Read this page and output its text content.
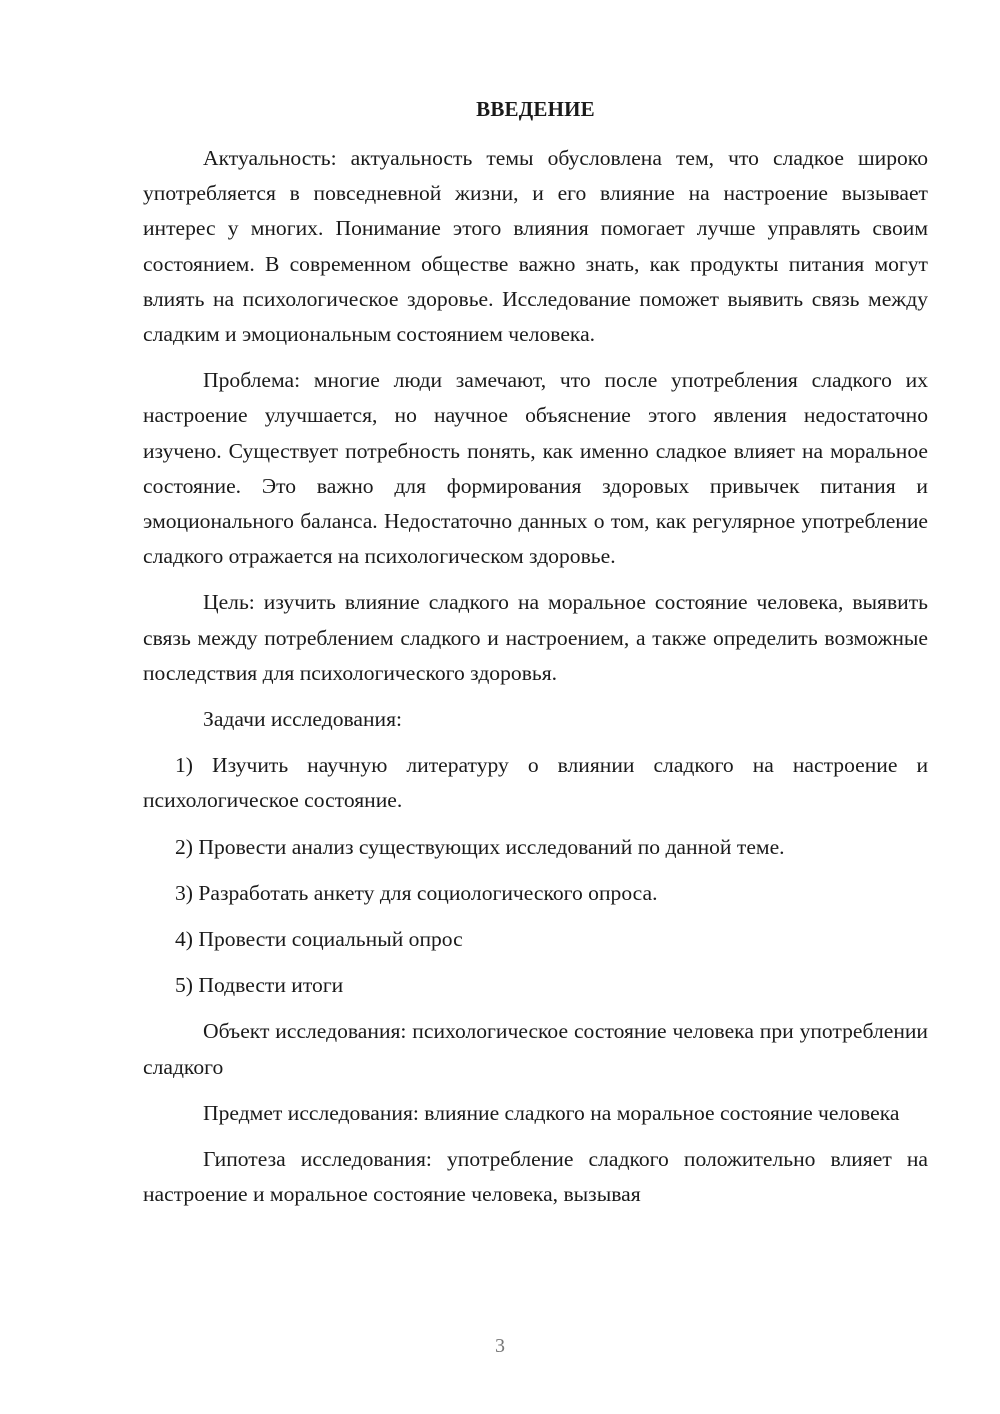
ВВЕДЕНИЕ

Актуальность: актуальность темы обусловлена тем, что сладкое широко употребляется в повседневной жизни, и его влияние на настроение вызывает интерес у многих. Понимание этого влияния помогает лучше управлять своим состоянием. В современном обществе важно знать, как продукты питания могут влиять на психологическое здоровье. Исследование поможет выявить связь между сладким и эмоциональным состоянием человека.

Проблема: многие люди замечают, что после употребления сладкого их настроение улучшается, но научное объяснение этого явления недостаточно изучено. Существует потребность понять, как именно сладкое влияет на моральное состояние. Это важно для формирования здоровых привычек питания и эмоционального баланса. Недостаточно данных о том, как регулярное употребление сладкого отражается на психологическом здоровье.

Цель: изучить влияние сладкого на моральное состояние человека, выявить связь между потреблением сладкого и настроением, а также определить возможные последствия для психологического здоровья.

Задачи исследования:

1) Изучить научную литературу о влиянии сладкого на настроение и психологическое состояние.

2) Провести анализ существующих исследований по данной теме.

3) Разработать анкету для социологического опроса.

4) Провести социальный опрос

5) Подвести итоги

Объект исследования: психологическое состояние человека при употреблении сладкого

Предмет исследования: влияние сладкого на моральное состояние человека

Гипотеза исследования: употребление сладкого положительно влияет на настроение и моральное состояние человека, вызывая

3
